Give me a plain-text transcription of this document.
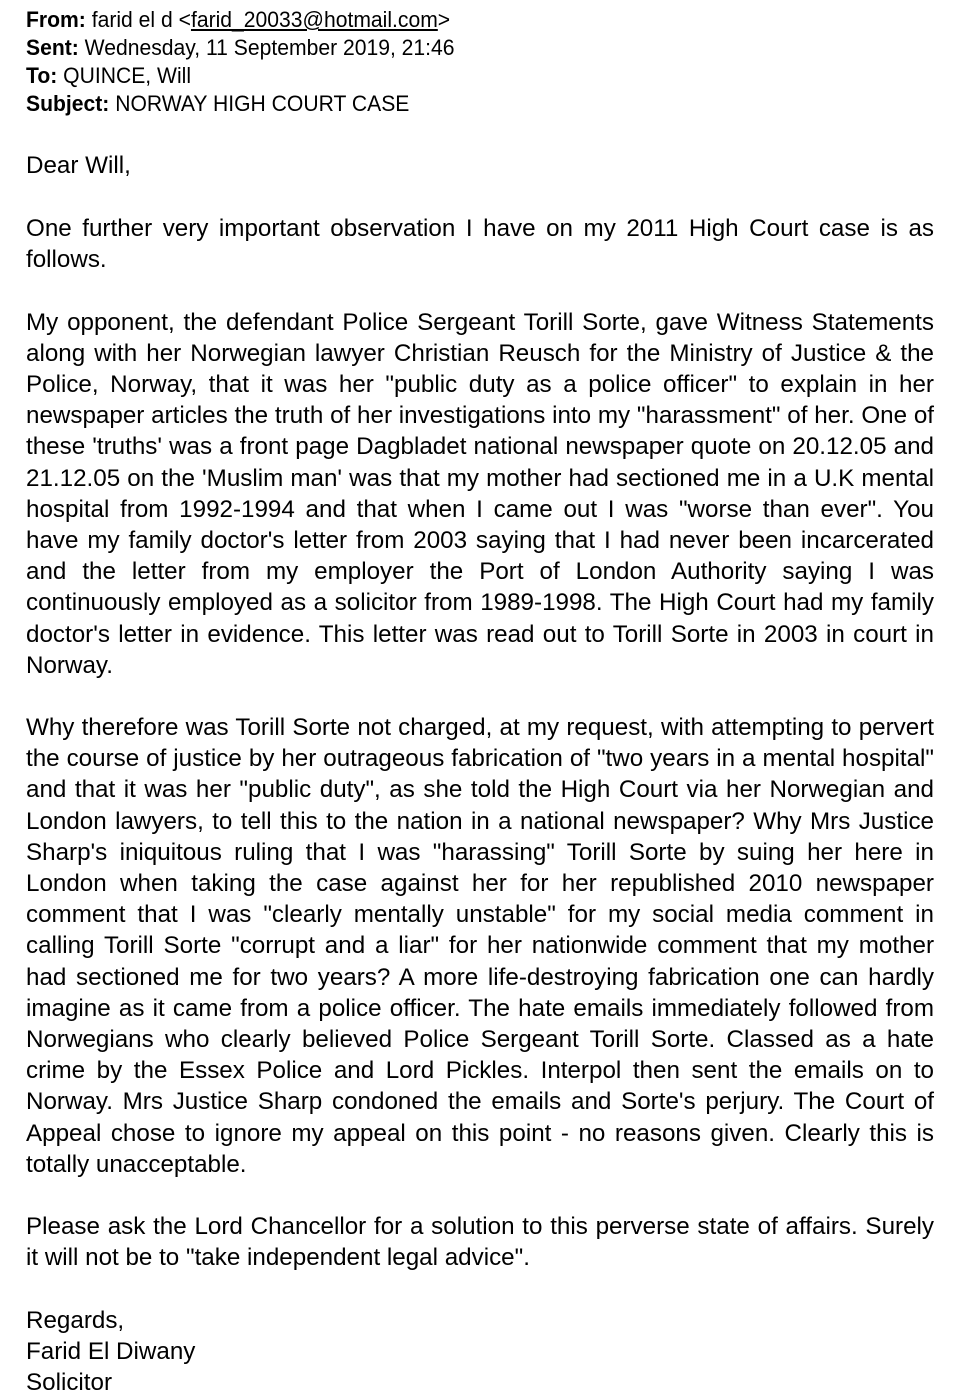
From: farid el d <farid_20033@hotmail.com>
Sent: Wednesday, 11 September 2019, 21:46
To: QUINCE, Will
Subject: NORWAY HIGH COURT CASE

Dear Will,

One further very important observation I have on my 2011 High Court case is as follows.

My opponent, the defendant Police Sergeant Torill Sorte, gave Witness Statements along with her Norwegian lawyer Christian Reusch for the Ministry of Justice & the Police, Norway, that it was her "public duty as a police officer" to explain in her newspaper articles the truth of her investigations into my "harassment" of her. One of these 'truths' was a front page Dagbladet national newspaper quote on 20.12.05 and 21.12.05 on the 'Muslim man' was that my mother had sectioned me in a U.K mental hospital from 1992-1994 and that when I came out I was "worse than ever". You have my family doctor's letter from 2003 saying that I had never been incarcerated and the letter from my employer the Port of London Authority saying I was continuously employed as a solicitor from 1989-1998. The High Court had my family doctor's letter in evidence. This letter was read out to Torill Sorte in 2003 in court in Norway.

Why therefore was Torill Sorte not charged, at my request, with attempting to pervert the course of justice by her outrageous fabrication of "two years in a mental hospital" and that it was her "public duty", as she told the High Court via her Norwegian and London lawyers, to tell this to the nation in a national newspaper? Why Mrs Justice Sharp's iniquitous ruling that I was "harassing" Torill Sorte by suing her here in London when taking the case against her for her republished 2010 newspaper comment that I was "clearly mentally unstable" for my social media comment in calling Torill Sorte "corrupt and a liar" for her nationwide comment that my mother had sectioned me for two years? A more life-destroying fabrication one can hardly imagine as it came from a police officer. The hate emails immediately followed from Norwegians who clearly believed Police Sergeant Torill Sorte. Classed as a hate crime by the Essex Police and Lord Pickles. Interpol then sent the emails on to Norway. Mrs Justice Sharp condoned the emails and Sorte's perjury. The Court of Appeal chose to ignore my appeal on this point - no reasons given. Clearly this is totally unacceptable.

Please ask the Lord Chancellor for a solution to this perverse state of affairs. Surely it will not be to "take independent legal advice".

Regards,
Farid El Diwany
Solicitor
